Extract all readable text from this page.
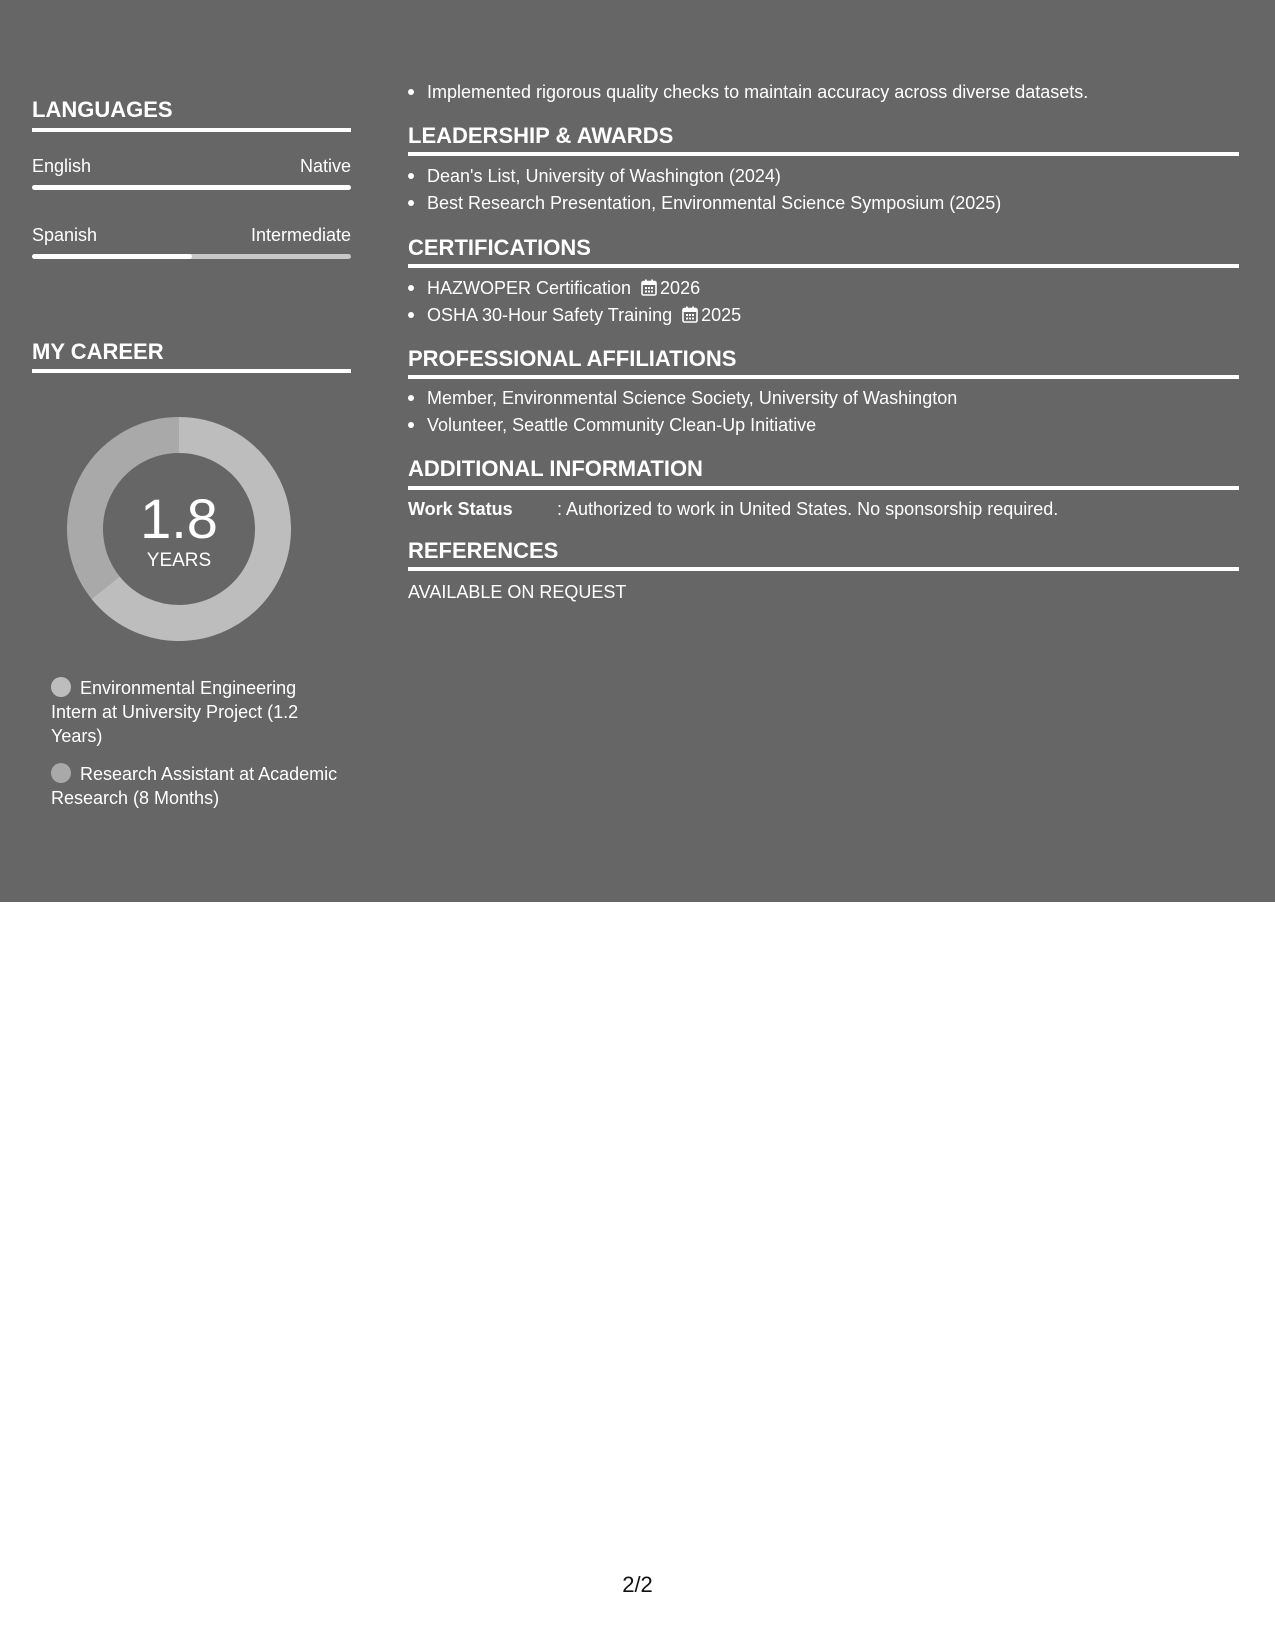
LANGUAGES
English	Native
Spanish	Intermediate
MY CAREER
1.8
YEARS
Environmental Engineering Intern at University Project (1.2 Years)
Research Assistant at Academic Research (8 Months)
Implemented rigorous quality checks to maintain accuracy across diverse datasets.
LEADERSHIP & AWARDS
Dean's List, University of Washington (2024)
Best Research Presentation, Environmental Science Symposium (2025)
CERTIFICATIONS
HAZWOPER Certification 2026
OSHA 30-Hour Safety Training 2025
PROFESSIONAL AFFILIATIONS
Member, Environmental Science Society, University of Washington
Volunteer, Seattle Community Clean-Up Initiative
ADDITIONAL INFORMATION
Work Status : Authorized to work in United States. No sponsorship required.
REFERENCES
AVAILABLE ON REQUEST
2/2
